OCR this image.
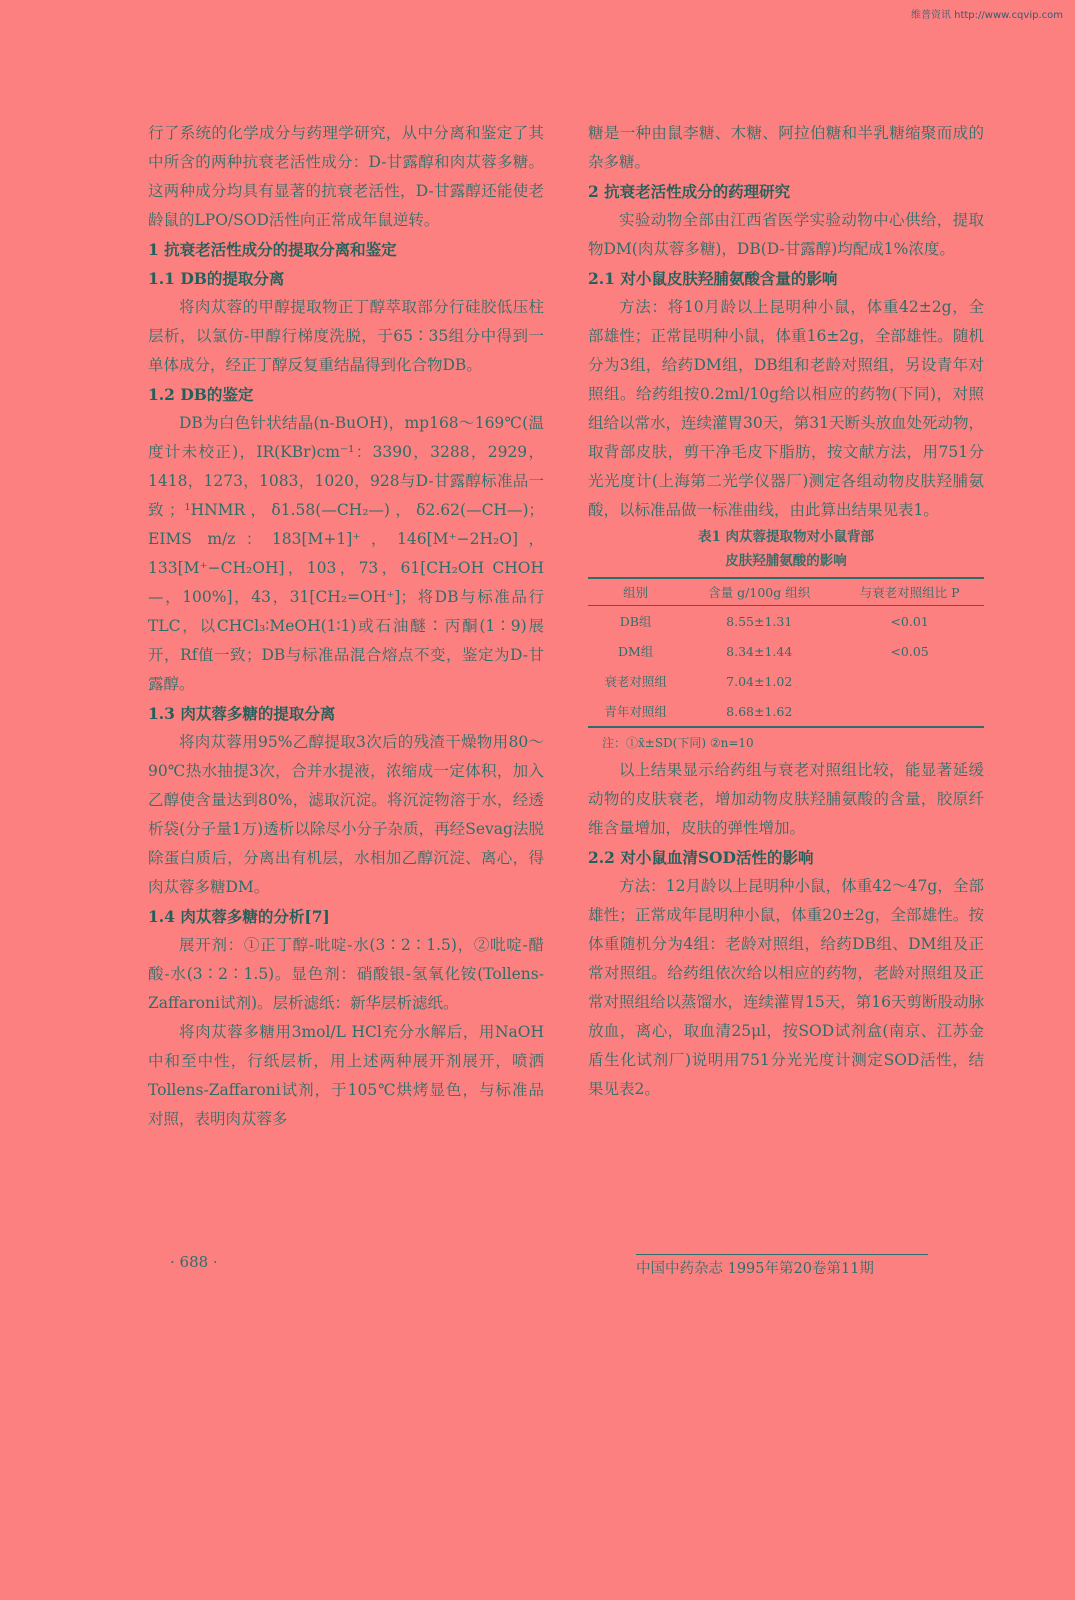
维普资讯 http://www.cqvip.com

行了系统的化学成分与药理学研究，从中分离和鉴定了其中所含的两种抗衰老活性成分：D-甘露醇和肉苁蓉多糖。这两种成分均具有显著的抗衰老活性，D-甘露醇还能使老龄鼠的LPO/SOD活性向正常成年鼠逆转。

1 抗衰老活性成分的提取分离和鉴定
1.1 DB的提取分离

将肉苁蓉的甲醇提取物正丁醇萃取部分行硅胶低压柱层析，以氯仿-甲醇行梯度洗脱，于65∶35组分中得到一单体成分，经正丁醇反复重结晶得到化合物DB。

1.2 DB的鉴定

DB为白色针状结晶(n-BuOH)，mp168～169℃(温度计未校正)，IR(KBr)cm⁻¹：3390，3288，2929，1418，1273，1083，1020，928与D-甘露醇标准品一致；¹HNMR，δ1.58(—CH₂—)，δ2.62(—CH—)；EIMS m/z：183[M+1]⁺，146[M⁺−2H₂O]，133[M⁺−CH₂OH]，103，73，61[CH₂OH CHOH—，100%]，43，31[CH₂=OH⁺]；将DB与标准品行TLC，以CHCl₃∶MeOH(1∶1)或石油醚∶丙酮(1∶9)展开，Rf值一致；DB与标准品混合熔点不变，鉴定为D-甘露醇。

1.3 肉苁蓉多糖的提取分离

将肉苁蓉用95%乙醇提取3次后的残渣干燥物用80～90℃热水抽提3次，合并水提液，浓缩成一定体积，加入乙醇使含量达到80%，滤取沉淀。将沉淀物溶于水，经透析袋(分子量1万)透析以除尽小分子杂质，再经Sevag法脱除蛋白质后，分离出有机层，水相加乙醇沉淀、离心，得肉苁蓉多糖DM。

1.4 肉苁蓉多糖的分析[7]

展开剂：①正丁醇-吡啶-水(3∶2∶1.5)，②吡啶-醋酸-水(3∶2∶1.5)。显色剂：硝酸银-氢氧化铵(Tollens-Zaffaroni试剂)。层析滤纸：新华层析滤纸。

将肉苁蓉多糖用3mol/L HCl充分水解后，用NaOH中和至中性，行纸层析，用上述两种展开剂展开，喷洒Tollens-Zaffaroni试剂，于105℃烘烤显色，与标准品对照，表明肉苁蓉多

糖是一种由鼠李糖、木糖、阿拉伯糖和半乳糖缩聚而成的杂多糖。

2 抗衰老活性成分的药理研究

实验动物全部由江西省医学实验动物中心供给，提取物DM(肉苁蓉多糖)，DB(D-甘露醇)均配成1%浓度。

2.1 对小鼠皮肤羟脯氨酸含量的影响

方法：将10月龄以上昆明种小鼠，体重42±2g，全部雄性；正常昆明种小鼠，体重16±2g，全部雄性。随机分为3组，给药DM组，DB组和老龄对照组，另设青年对照组。给药组按0.2ml/10g给以相应的药物(下同)，对照组给以常水，连续灌胃30天，第31天断头放血处死动物，取背部皮肤，剪干净毛皮下脂肪，按文献方法，用751分光光度计(上海第二光学仪器厂)测定各组动物皮肤羟脯氨酸，以标准品做一标准曲线，由此算出结果见表1。

表1 肉苁蓉提取物对小鼠背部
皮肤羟脯氨酸的影响
组别	含量 g/100g 组织	与衰老对照组比 P
DB组	8.55±1.31	<0.01
DM组	8.34±1.44	<0.05
衰老对照组	7.04±1.02	
青年对照组	8.68±1.62	
注：①x̄±SD(下同) ②n=10

以上结果显示给药组与衰老对照组比较，能显著延缓动物的皮肤衰老，增加动物皮肤羟脯氨酸的含量，胶原纤维含量增加，皮肤的弹性增加。

2.2 对小鼠血清SOD活性的影响

方法：12月龄以上昆明种小鼠，体重42～47g，全部雄性；正常成年昆明种小鼠，体重20±2g，全部雄性。按体重随机分为4组：老龄对照组，给药DB组、DM组及正常对照组。给药组依次给以相应的药物，老龄对照组及正常对照组给以蒸馏水，连续灌胃15天，第16天剪断股动脉放血，离心，取血清25μl，按SOD试剂盒(南京、江苏金盾生化试剂厂)说明用751分光光度计测定SOD活性，结果见表2。

· 688 ·	中国中药杂志 1995年第20卷第11期
